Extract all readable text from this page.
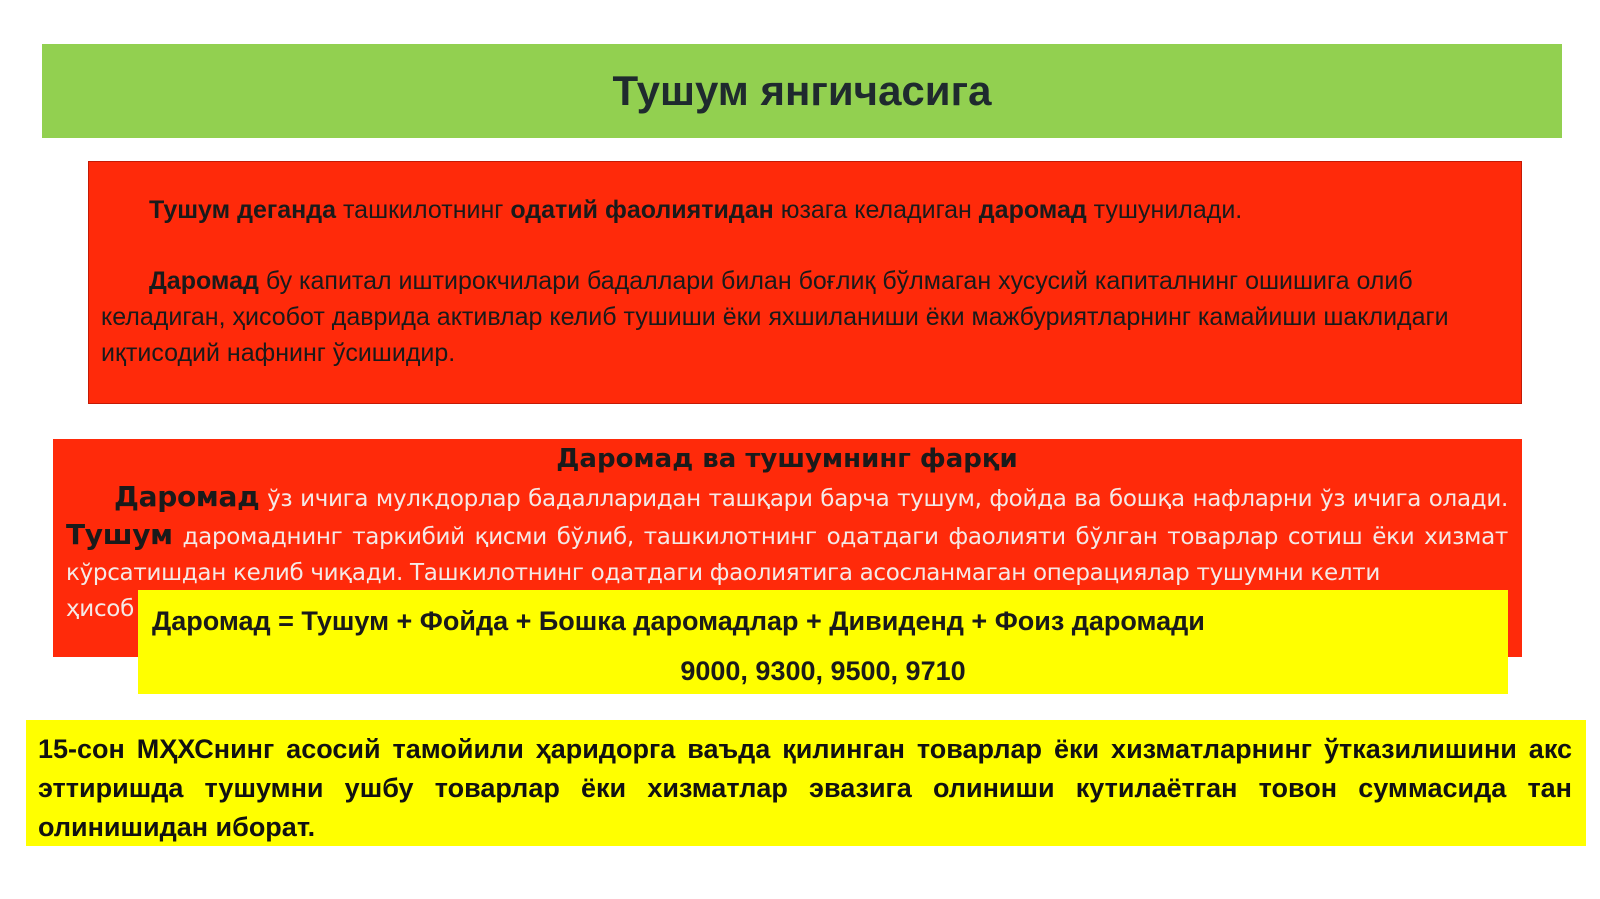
Тушум янгичасига

Тушум деганда ташкилотнинг одатий фаолиятидан юзага келадиган даромад тушунилади.

Даромад бу капитал иштирокчилари бадаллари билан боғлиқ бўлмаган хусусий капиталнинг ошишига олиб келадиган, ҳисобот даврида активлар келиб тушиши ёки яхшиланиши ёки мажбуриятларнинг камайиши шаклидаги иқтисодий нафнинг ўсишидир.

Даромад ва тушумнинг фарқи

Даромад ўз ичига мулкдорлар бадалларидан ташқари барча тушум, фойда ва бошқа нафларни ўз ичига олади. Тушум даромаднинг таркибий қисми бўлиб, ташкилотнинг одатдаги фаолияти бўлган товарлар сотиш ёки хизмат кўрсатишдан келиб чиқади. Ташкилотнинг одатдаги фаолиятига асосланмаган операциялар тушумни келти
ҳисоб Даромад = Тушум + Фойда + Бошка даромадлар + Дивиденд + Фоиз даромади
9000, 9300, 9500, 9710
15-сон МҲХСнинг асосий тамойили ҳаридорга ваъда қилинган товарлар ёки хизматларнинг ўтказилишини акс эттиришда тушумни ушбу товарлар ёки хизматлар эвазига олиниши кутилаётган товон суммасида тан олинишидан иборат.
